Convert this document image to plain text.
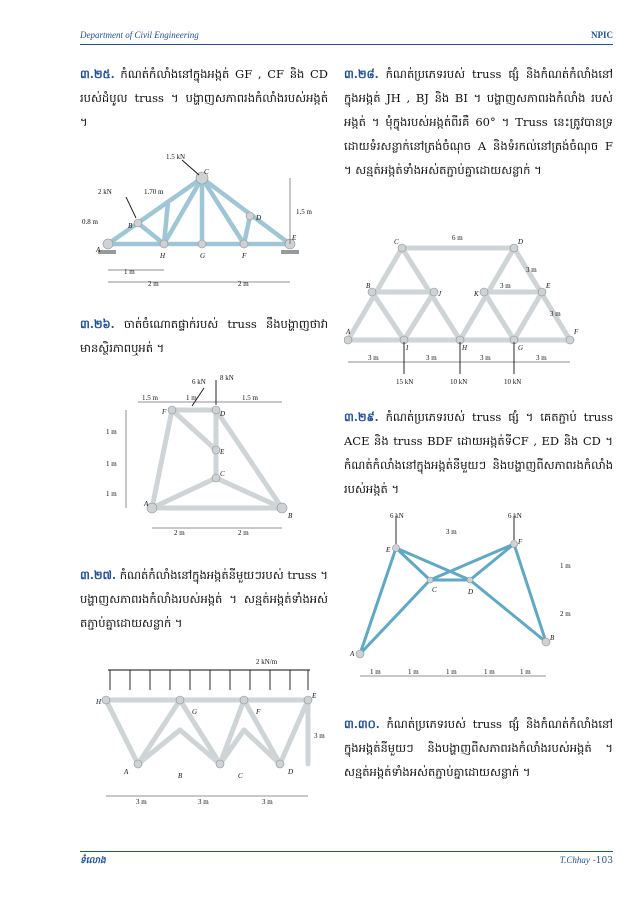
Department of Civil Engineering	NPIC
៣.២៥. កំណត់កំលាំងនៅក្នុងអង្កត់ GF , CF និង CD របស់ដំបូល truss ។ បង្ហាញសភាពរងកំលាំងរបស់អង្កត់ ។
1.5 kN
2 kN
A
B
C
D
E
F
G
H
1.70 m
0.8 m
1.5 m
1 m
2 m	2 m
៣.២៦. ចាត់ចំណោតផ្ទាក់របស់ truss នឹងបង្ហាញថាវាមានស្ថិរភាពឬអត់ ។
6 kN 8 kN
A
B
C
D
E
F
1.5 m	1 m	1.5 m
1 m
1 m
1 m
2 m	2 m
៣.២៧. កំណត់កំលាំងនៅក្នុងអង្កត់នីមួយៗរបស់ truss ។ បង្ហាញសភាពរងកំលាំងរបស់អង្កត់ ។ សន្មត់អង្កត់ទាំងអស់តភ្ជាប់គ្នាដោយសន្លាក់ ។
2 kN/m
A	B	C	D
E
F
G
H
3 m
3 m	3 m	3 m
៣.២៨. កំណត់ប្រភេទរបស់ truss ផ្សំ និងកំណត់កំលាំងនៅក្នុងអង្កត់ JH , BJ និង BI ។ បង្ហាញសភាពរងកំលាំង របស់អង្កត់ ។ មុំក្នុងរបស់អង្កត់ពីរគឺ 60° ។ Truss នេះត្រូវបានទ្រដោយទំរសន្លាក់នៅត្រង់ចំណុច A និងទំរកល់នៅត្រង់ចំណុច F ។ សន្មត់អង្កត់ទាំងអស់តភ្ជាប់គ្នាដោយសន្លាក់ ។
A
B
C	D
E
F
G
H
I
J	K
6 m
3 m
3 m
3 m
3 m	3 m	3 m	3 m
15 kN	10 kN	10 kN
៣.២៩. កំណត់ប្រភេទរបស់ truss ផ្សំ ។ គេតភ្ជាប់ truss ACE និង truss BDF ដោយអង្កត់ទីCF , ED និង CD ។ កំណត់កំលាំងនៅក្នុងអង្កត់នីមួយៗ និងបង្ហាញពីសភាពរងកំលាំងរបស់អង្កត់ ។
6 kN	6 kN
A
B
C	D
E
F
3 m
1 m
2 m
1 m	1 m	1 m	1 m	1 m
៣.៣០. កំណត់ប្រភេទរបស់ truss ផ្សំ និងកំណត់កំលាំងនៅក្នុងអង្កត់នីមួយៗ និងបង្ហាញពីសភាពរងកំលាំងរបស់អង្កត់ ។ សន្មត់អង្កត់ទាំងអស់តភ្ជាប់គ្នាដោយសន្លាក់ ។
ទំលោង	T.Chhay -103
